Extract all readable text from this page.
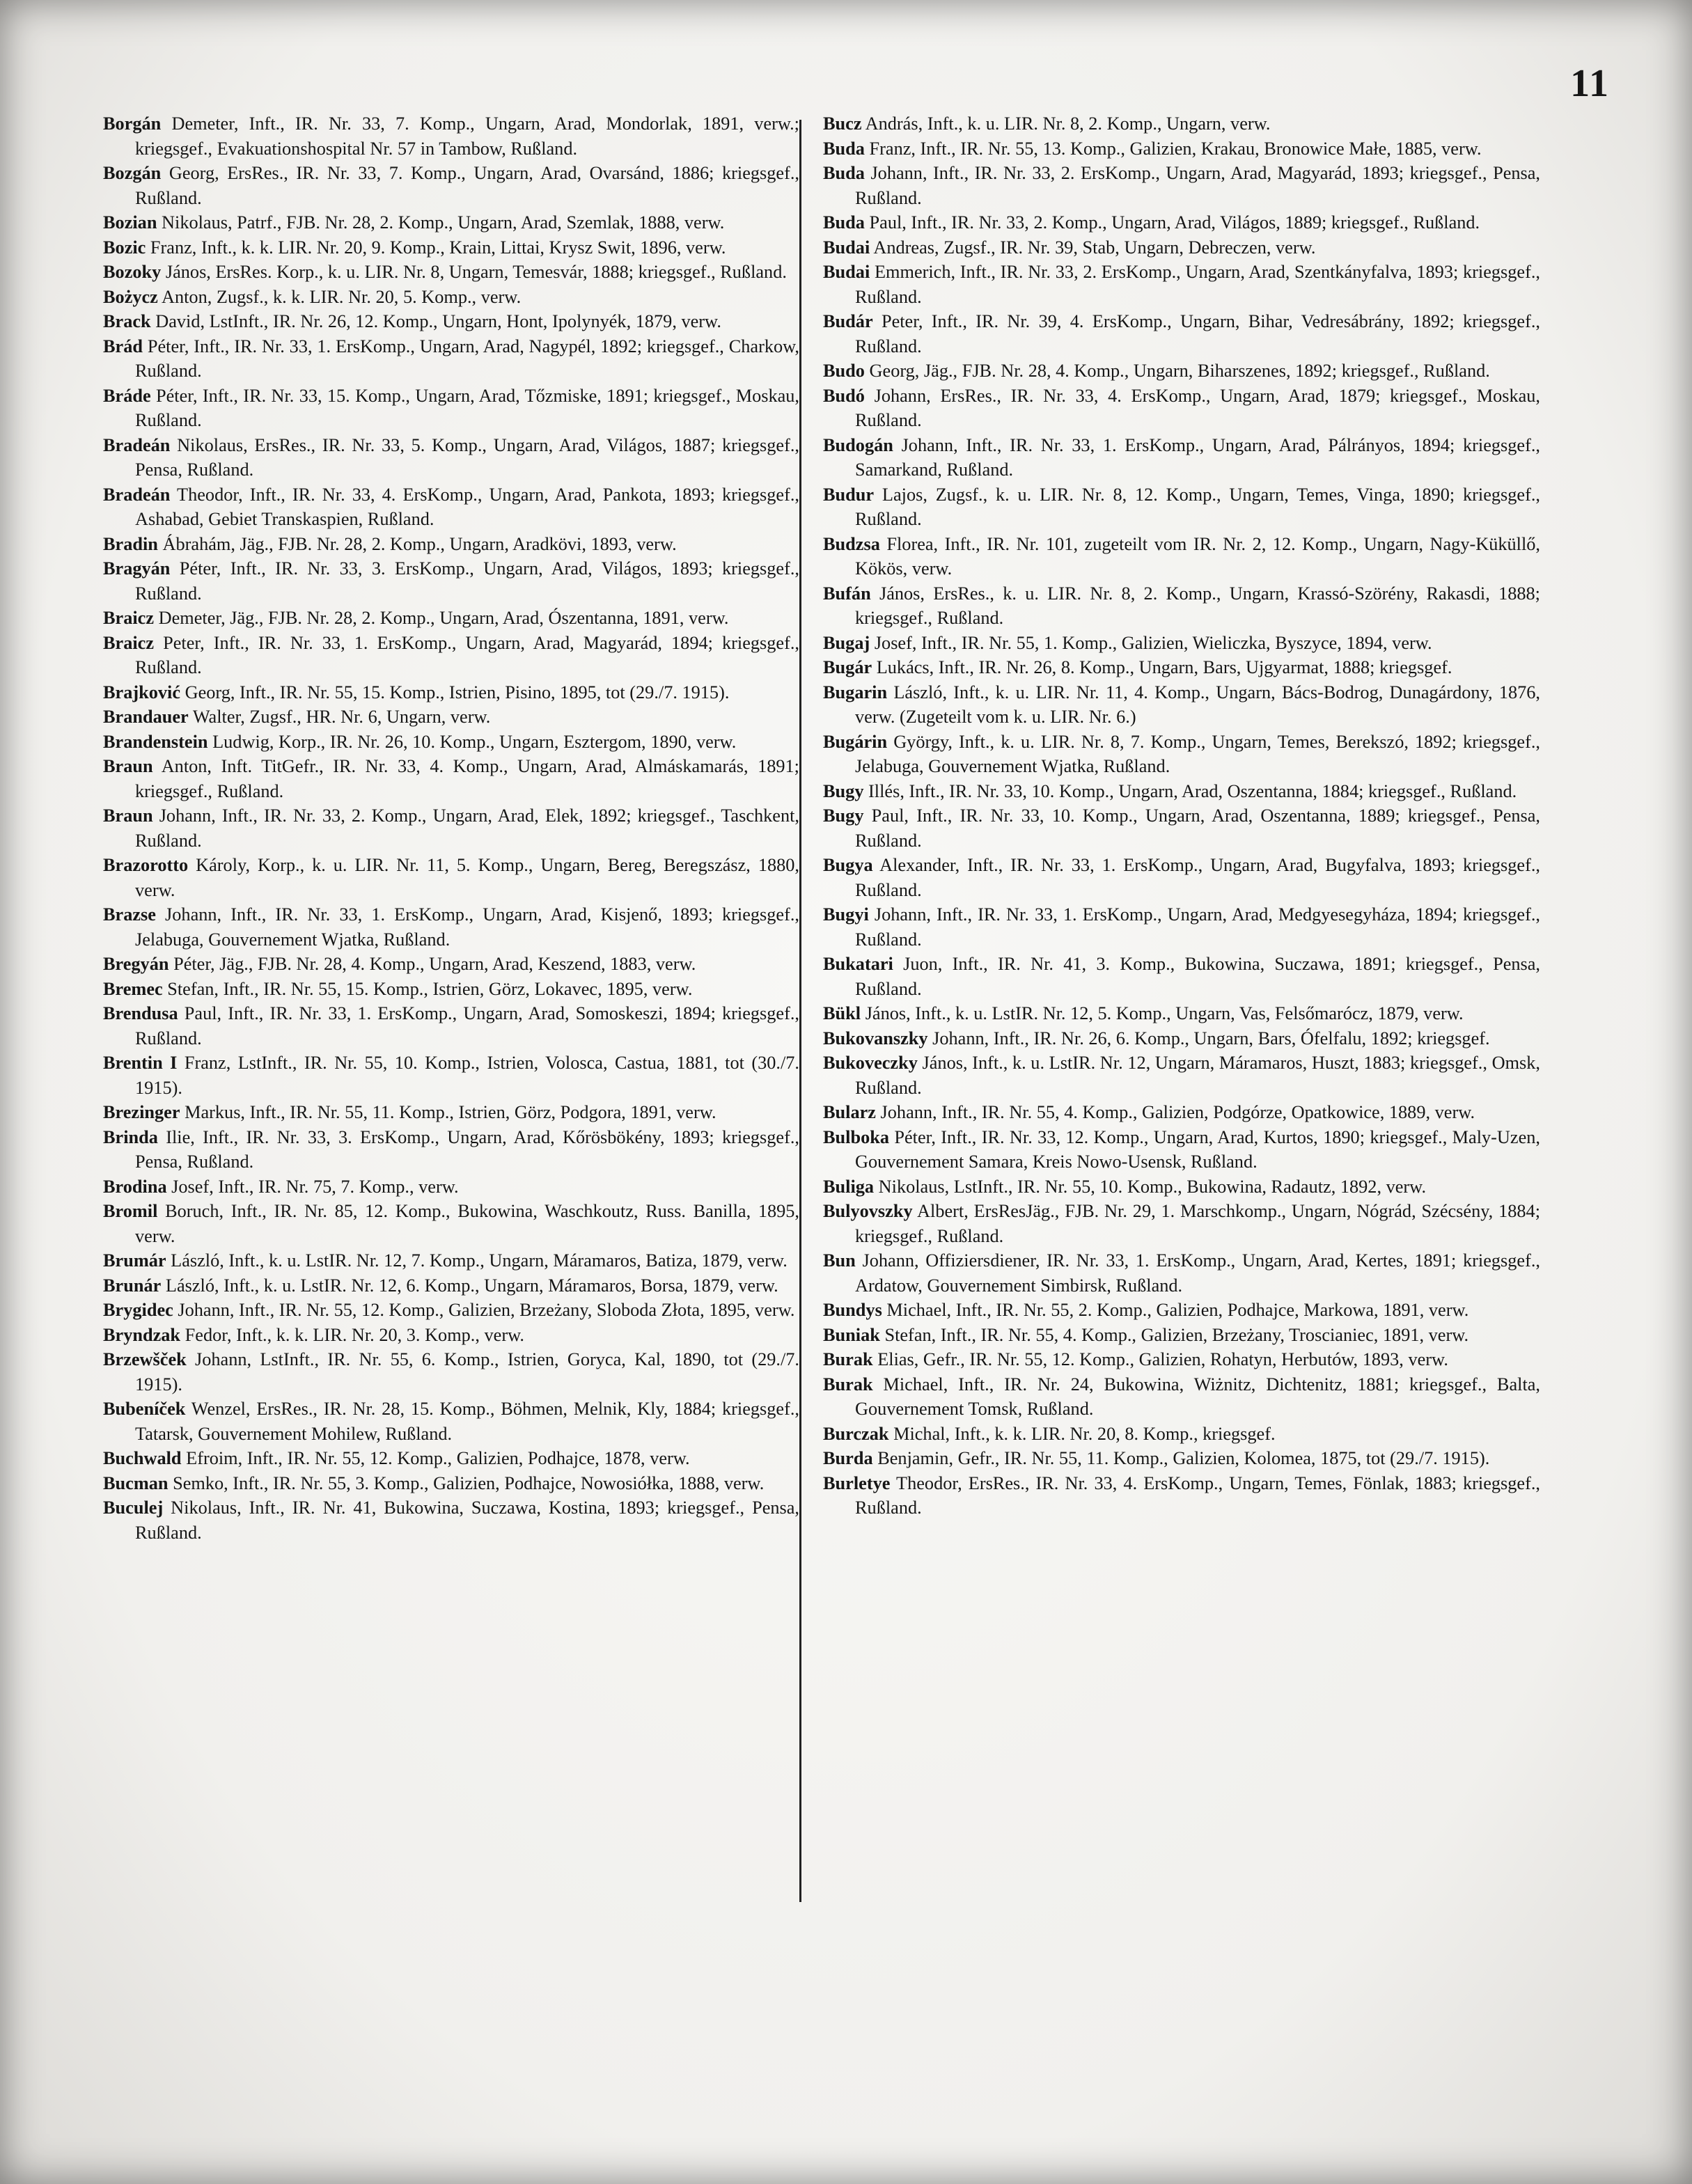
11

Borgán Demeter, Inft., IR. Nr. 33, 7. Komp., Ungarn, Arad, Mondorlak, 1891, verw.; kriegsgef., Evakuationshospital Nr. 57 in Tambow, Rußland.

Bozgán Georg, ErsRes., IR. Nr. 33, 7. Komp., Ungarn, Arad, Ovarsánd, 1886; kriegsgef., Rußland.

Bozian Nikolaus, Patrf., FJB. Nr. 28, 2. Komp., Ungarn, Arad, Szemlak, 1888, verw.

Bozic Franz, Inft., k. k. LIR. Nr. 20, 9. Komp., Krain, Littai, Krysz Swit, 1896, verw.

Bozoky János, ErsRes. Korp., k. u. LIR. Nr. 8, Ungarn, Temesvár, 1888; kriegsgef., Rußland.

Bożycz Anton, Zugsf., k. k. LIR. Nr. 20, 5. Komp., verw.

Brack David, LstInft., IR. Nr. 26, 12. Komp., Ungarn, Hont, Ipolynyék, 1879, verw.

Brád Péter, Inft., IR. Nr. 33, 1. ErsKomp., Ungarn, Arad, Nagypél, 1892; kriegsgef., Charkow, Rußland.

Bráde Péter, Inft., IR. Nr. 33, 15. Komp., Ungarn, Arad, Tőzmiske, 1891; kriegsgef., Moskau, Rußland.

Bradeán Nikolaus, ErsRes., IR. Nr. 33, 5. Komp., Ungarn, Arad, Világos, 1887; kriegsgef., Pensa, Rußland.

Bradeán Theodor, Inft., IR. Nr. 33, 4. ErsKomp., Ungarn, Arad, Pankota, 1893; kriegsgef., Ashabad, Gebiet Transkaspien, Rußland.

Bradin Ábrahám, Jäg., FJB. Nr. 28, 2. Komp., Ungarn, Aradkövi, 1893, verw.

Bragyán Péter, Inft., IR. Nr. 33, 3. ErsKomp., Ungarn, Arad, Világos, 1893; kriegsgef., Rußland.

Braicz Demeter, Jäg., FJB. Nr. 28, 2. Komp., Ungarn, Arad, Ószentanna, 1891, verw.

Braicz Peter, Inft., IR. Nr. 33, 1. ErsKomp., Ungarn, Arad, Magyarád, 1894; kriegsgef., Rußland.

Brajković Georg, Inft., IR. Nr. 55, 15. Komp., Istrien, Pisino, 1895, tot (29./7. 1915).

Brandauer Walter, Zugsf., HR. Nr. 6, Ungarn, verw.

Brandenstein Ludwig, Korp., IR. Nr. 26, 10. Komp., Ungarn, Esztergom, 1890, verw.

Braun Anton, Inft. TitGefr., IR. Nr. 33, 4. Komp., Ungarn, Arad, Almáskamarás, 1891; kriegsgef., Rußland.

Braun Johann, Inft., IR. Nr. 33, 2. Komp., Ungarn, Arad, Elek, 1892; kriegsgef., Taschkent, Rußland.

Brazorotto Károly, Korp., k. u. LIR. Nr. 11, 5. Komp., Ungarn, Bereg, Beregszász, 1880, verw.

Brazse Johann, Inft., IR. Nr. 33, 1. ErsKomp., Ungarn, Arad, Kisjenő, 1893; kriegsgef., Jelabuga, Gouvernement Wjatka, Rußland.

Bregyán Péter, Jäg., FJB. Nr. 28, 4. Komp., Ungarn, Arad, Keszend, 1883, verw.

Bremec Stefan, Inft., IR. Nr. 55, 15. Komp., Istrien, Görz, Lokavec, 1895, verw.

Brendusa Paul, Inft., IR. Nr. 33, 1. ErsKomp., Ungarn, Arad, Somoskeszi, 1894; kriegsgef., Rußland.

Brentin I Franz, LstInft., IR. Nr. 55, 10. Komp., Istrien, Volosca, Castua, 1881, tot (30./7. 1915).

Brezinger Markus, Inft., IR. Nr. 55, 11. Komp., Istrien, Görz, Podgora, 1891, verw.

Brinda Ilie, Inft., IR. Nr. 33, 3. ErsKomp., Ungarn, Arad, Kőrösbökény, 1893; kriegsgef., Pensa, Rußland.

Brodina Josef, Inft., IR. Nr. 75, 7. Komp., verw.

Bromil Boruch, Inft., IR. Nr. 85, 12. Komp., Bukowina, Waschkoutz, Russ. Banilla, 1895, verw.

Brumár László, Inft., k. u. LstIR. Nr. 12, 7. Komp., Ungarn, Máramaros, Batiza, 1879, verw.

Brunár László, Inft., k. u. LstIR. Nr. 12, 6. Komp., Ungarn, Máramaros, Borsa, 1879, verw.

Brygidec Johann, Inft., IR. Nr. 55, 12. Komp., Galizien, Brzeżany, Sloboda Złota, 1895, verw.

Bryndzak Fedor, Inft., k. k. LIR. Nr. 20, 3. Komp., verw.

Brzewšček Johann, LstInft., IR. Nr. 55, 6. Komp., Istrien, Goryca, Kal, 1890, tot (29./7. 1915).

Bubeníček Wenzel, ErsRes., IR. Nr. 28, 15. Komp., Böhmen, Melnik, Kly, 1884; kriegsgef., Tatarsk, Gouvernement Mohilew, Rußland.

Buchwald Efroim, Inft., IR. Nr. 55, 12. Komp., Galizien, Podhajce, 1878, verw.

Bucman Semko, Inft., IR. Nr. 55, 3. Komp., Galizien, Podhajce, Nowosiółka, 1888, verw.

Buculej Nikolaus, Inft., IR. Nr. 41, Bukowina, Suczawa, Kostina, 1893; kriegsgef., Pensa, Rußland.

Bucz András, Inft., k. u. LIR. Nr. 8, 2. Komp., Ungarn, verw.

Buda Franz, Inft., IR. Nr. 55, 13. Komp., Galizien, Krakau, Bronowice Małe, 1885, verw.

Buda Johann, Inft., IR. Nr. 33, 2. ErsKomp., Ungarn, Arad, Magyarád, 1893; kriegsgef., Pensa, Rußland.

Buda Paul, Inft., IR. Nr. 33, 2. Komp., Ungarn, Arad, Világos, 1889; kriegsgef., Rußland.

Budai Andreas, Zugsf., IR. Nr. 39, Stab, Ungarn, Debreczen, verw.

Budai Emmerich, Inft., IR. Nr. 33, 2. ErsKomp., Ungarn, Arad, Szentkányfalva, 1893; kriegsgef., Rußland.

Budár Peter, Inft., IR. Nr. 39, 4. ErsKomp., Ungarn, Bihar, Vedresábrány, 1892; kriegsgef., Rußland.

Budo Georg, Jäg., FJB. Nr. 28, 4. Komp., Ungarn, Biharszenes, 1892; kriegsgef., Rußland.

Budó Johann, ErsRes., IR. Nr. 33, 4. ErsKomp., Ungarn, Arad, 1879; kriegsgef., Moskau, Rußland.

Budogán Johann, Inft., IR. Nr. 33, 1. ErsKomp., Ungarn, Arad, Pálrányos, 1894; kriegsgef., Samarkand, Rußland.

Budur Lajos, Zugsf., k. u. LIR. Nr. 8, 12. Komp., Ungarn, Temes, Vinga, 1890; kriegsgef., Rußland.

Budzsa Florea, Inft., IR. Nr. 101, zugeteilt vom IR. Nr. 2, 12. Komp., Ungarn, Nagy-Küküllő, Kökös, verw.

Bufán János, ErsRes., k. u. LIR. Nr. 8, 2. Komp., Ungarn, Krassó-Szörény, Rakasdi, 1888; kriegsgef., Rußland.

Bugaj Josef, Inft., IR. Nr. 55, 1. Komp., Galizien, Wieliczka, Byszyce, 1894, verw.

Bugár Lukács, Inft., IR. Nr. 26, 8. Komp., Ungarn, Bars, Ujgyarmat, 1888; kriegsgef.

Bugarin László, Inft., k. u. LIR. Nr. 11, 4. Komp., Ungarn, Bács-Bodrog, Dunagárdony, 1876, verw. (Zugeteilt vom k. u. LIR. Nr. 6.)

Bugárin György, Inft., k. u. LIR. Nr. 8, 7. Komp., Ungarn, Temes, Berekszó, 1892; kriegsgef., Jelabuga, Gouvernement Wjatka, Rußland.

Bugy Illés, Inft., IR. Nr. 33, 10. Komp., Ungarn, Arad, Oszentanna, 1884; kriegsgef., Rußland.

Bugy Paul, Inft., IR. Nr. 33, 10. Komp., Ungarn, Arad, Oszentanna, 1889; kriegsgef., Pensa, Rußland.

Bugya Alexander, Inft., IR. Nr. 33, 1. ErsKomp., Ungarn, Arad, Bugyfalva, 1893; kriegsgef., Rußland.

Bugyi Johann, Inft., IR. Nr. 33, 1. ErsKomp., Ungarn, Arad, Medgyesegyháza, 1894; kriegsgef., Rußland.

Bukatari Juon, Inft., IR. Nr. 41, 3. Komp., Bukowina, Suczawa, 1891; kriegsgef., Pensa, Rußland.

Bükl János, Inft., k. u. LstIR. Nr. 12, 5. Komp., Ungarn, Vas, Felsőmarócz, 1879, verw.

Bukovanszky Johann, Inft., IR. Nr. 26, 6. Komp., Ungarn, Bars, Ófelfalu, 1892; kriegsgef.

Bukoveczky János, Inft., k. u. LstIR. Nr. 12, Ungarn, Máramaros, Huszt, 1883; kriegsgef., Omsk, Rußland.

Bularz Johann, Inft., IR. Nr. 55, 4. Komp., Galizien, Podgórze, Opatkowice, 1889, verw.

Bulboka Péter, Inft., IR. Nr. 33, 12. Komp., Ungarn, Arad, Kurtos, 1890; kriegsgef., Maly-Uzen, Gouvernement Samara, Kreis Nowo-Usensk, Rußland.

Buliga Nikolaus, LstInft., IR. Nr. 55, 10. Komp., Bukowina, Radautz, 1892, verw.

Bulyovszky Albert, ErsResJäg., FJB. Nr. 29, 1. Marschkomp., Ungarn, Nógrád, Szécsény, 1884; kriegsgef., Rußland.

Bun Johann, Offiziersdiener, IR. Nr. 33, 1. ErsKomp., Ungarn, Arad, Kertes, 1891; kriegsgef., Ardatow, Gouvernement Simbirsk, Rußland.

Bundys Michael, Inft., IR. Nr. 55, 2. Komp., Galizien, Podhajce, Markowa, 1891, verw.

Buniak Stefan, Inft., IR. Nr. 55, 4. Komp., Galizien, Brzeżany, Troscianiec, 1891, verw.

Burak Elias, Gefr., IR. Nr. 55, 12. Komp., Galizien, Rohatyn, Herbutów, 1893, verw.

Burak Michael, Inft., IR. Nr. 24, Bukowina, Wiżnitz, Dichtenitz, 1881; kriegsgef., Balta, Gouvernement Tomsk, Rußland.

Burczak Michal, Inft., k. k. LIR. Nr. 20, 8. Komp., kriegsgef.

Burda Benjamin, Gefr., IR. Nr. 55, 11. Komp., Galizien, Kolomea, 1875, tot (29./7. 1915).

Burletye Theodor, ErsRes., IR. Nr. 33, 4. ErsKomp., Ungarn, Temes, Fönlak, 1883; kriegsgef., Rußland.
